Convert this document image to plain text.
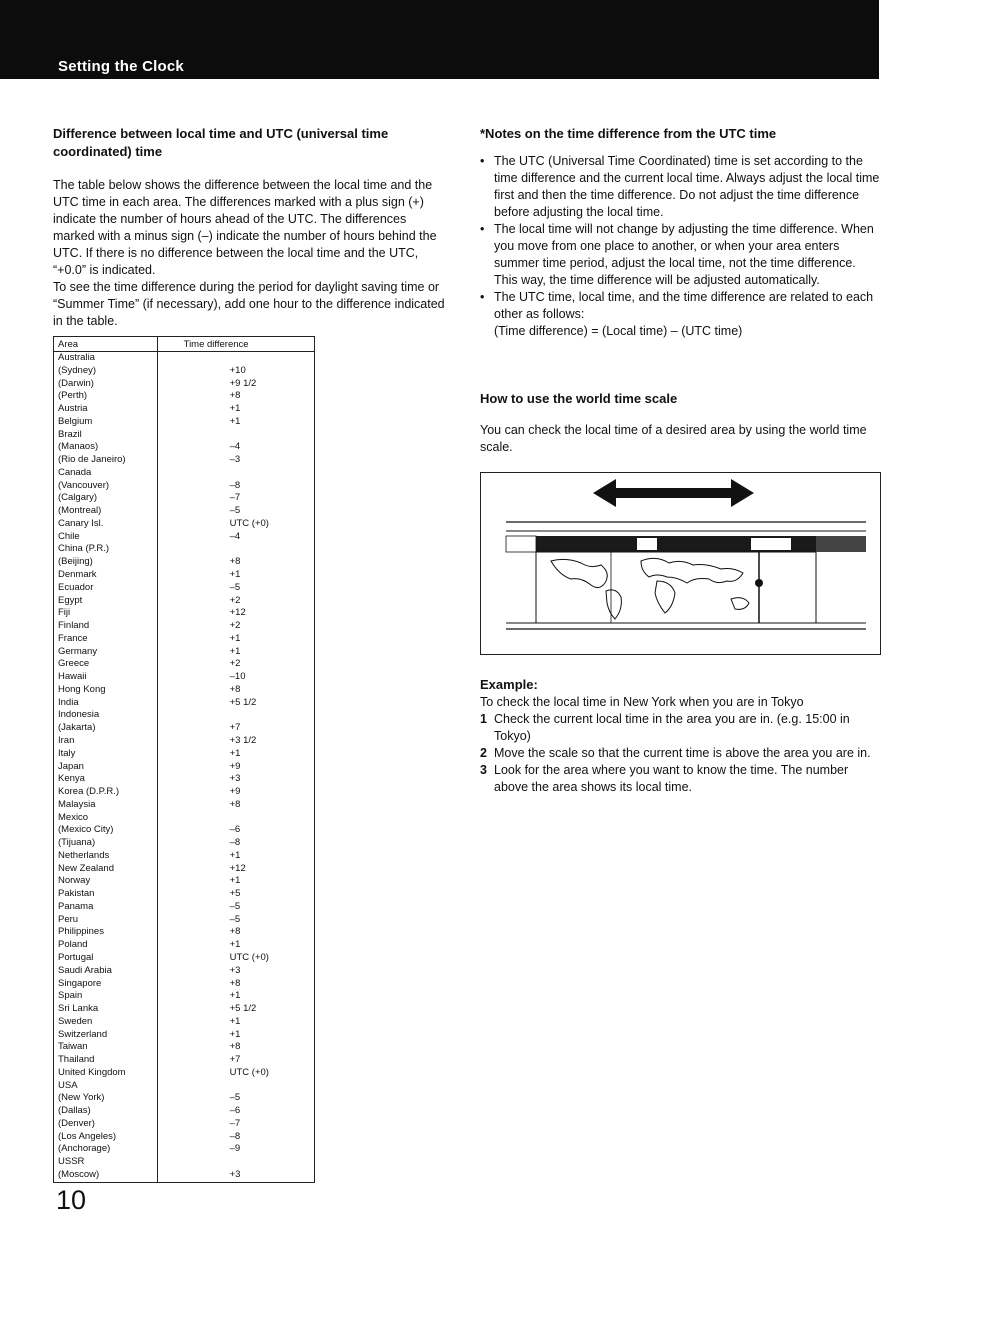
Setting the Clock

Difference between local time and UTC (universal time
coordinated) time

The table below shows the difference between the local time and the UTC time in each area. The differences marked with a plus sign (+) indicate the number of hours ahead of the UTC. The differences marked with a minus sign (–) indicate the number of hours behind the UTC. If there is no difference between the local time and the UTC, “+0.0” is indicated.

To see the time difference during the period for daylight saving time or “Summer Time” (if necessary), add one hour to the difference indicated in the table.

Area	Time difference
Australia	
(Sydney)	+10
(Darwin)	+9 1/2
(Perth)	+8
Austria	+1
Belgium	+1
Brazil	
(Manaos)	–4
(Rio de Janeiro)	–3
Canada	
(Vancouver)	–8
(Calgary)	–7
(Montreal)	–5
Canary Isl.	UTC (+0)
Chile	–4
China (P.R.)	
(Beijing)	+8
Denmark	+1
Ecuador	–5
Egypt	+2
Fiji	+12
Finland	+2
France	+1
Germany	+1
Greece	+2
Hawaii	–10
Hong Kong	+8
India	+5 1/2
Indonesia	
(Jakarta)	+7
Iran	+3 1/2
Italy	+1
Japan	+9
Kenya	+3
Korea (D.P.R.)	+9
Malaysia	+8
Mexico	
(Mexico City)	–6
(Tijuana)	–8
Netherlands	+1
New Zealand	+12
Norway	+1
Pakistan	+5
Panama	–5
Peru	–5
Philippines	+8
Poland	+1
Portugal	UTC (+0)
Saudi Arabia	+3
Singapore	+8
Spain	+1
Sri Lanka	+5 1/2
Sweden	+1
Switzerland	+1
Taiwan	+8
Thailand	+7
United Kingdom	UTC (+0)
USA	
(New York)	–5
(Dallas)	–6
(Denver)	–7
(Los Angeles)	–8
(Anchorage)	–9
USSR	
(Moscow)	+3
10

*Notes on the time difference from the UTC time

• The UTC (Universal Time Coordinated) time is set according to the time difference and the current local time. Always adjust the local time first and then the time difference. Do not adjust the time difference before adjusting the local time.
• The local time will not change by adjusting the time difference. When you move from one place to another, or when your area enters summer time period, adjust the local time, not the time difference. This way, the time difference will be adjusted automatically.
• The UTC time, local time, and the time difference are related to each other as follows:
(Time difference) = (Local time) – (UTC time)

How to use the world time scale

You can check the local time of a desired area by using the world time scale.

Example:

To check the local time in New York when you are in Tokyo

1 Check the current local time in the area you are in. (e.g. 15:00 in Tokyo)
2 Move the scale so that the current time is above the area you are in.
3 Look for the area where you want to know the time. The number above the area shows its local time.
